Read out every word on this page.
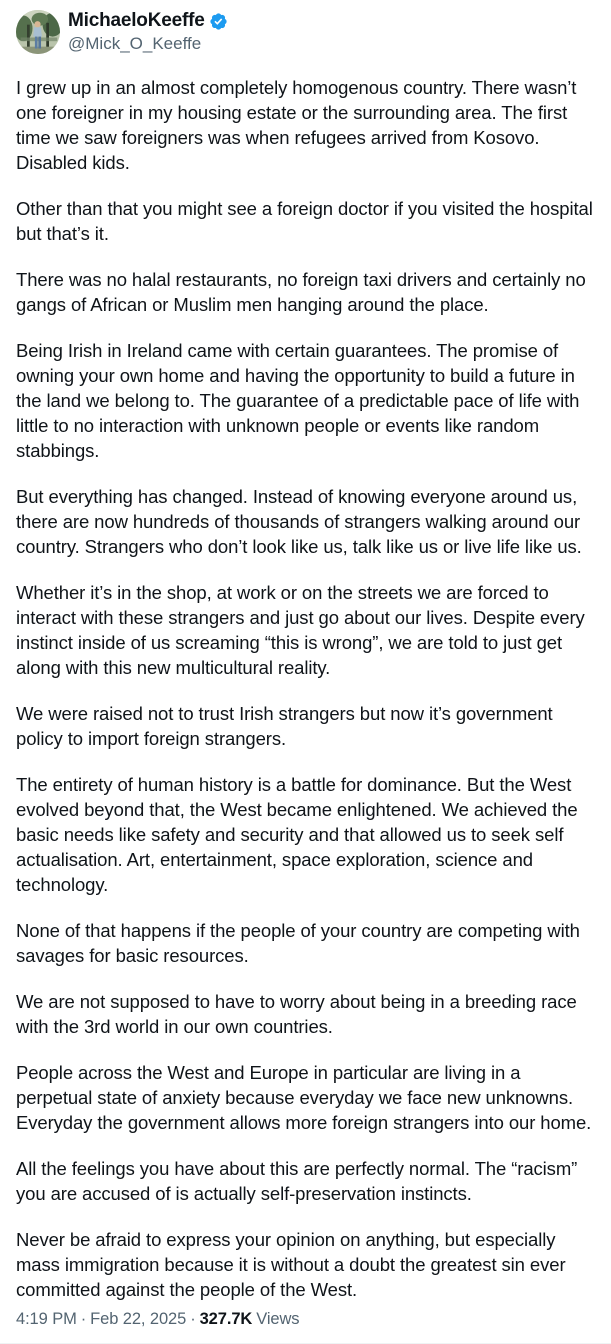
MichaeloKeeffe
@Mick_O_Keeffe

I grew up in an almost completely homogenous country. There wasn’t one foreigner in my housing estate or the surrounding area. The first time we saw foreigners was when refugees arrived from Kosovo. Disabled kids.

Other than that you might see a foreign doctor if you visited the hospital but that’s it.

There was no halal restaurants, no foreign taxi drivers and certainly no gangs of African or Muslim men hanging around the place.

Being Irish in Ireland came with certain guarantees. The promise of owning your own home and having the opportunity to build a future in the land we belong to. The guarantee of a predictable pace of life with little to no interaction with unknown people or events like random stabbings.

But everything has changed. Instead of knowing everyone around us, there are now hundreds of thousands of strangers walking around our country. Strangers who don’t look like us, talk like us or live life like us.

Whether it’s in the shop, at work or on the streets we are forced to interact with these strangers and just go about our lives. Despite every instinct inside of us screaming “this is wrong”, we are told to just get along with this new multicultural reality.

We were raised not to trust Irish strangers but now it’s government policy to import foreign strangers.

The entirety of human history is a battle for dominance. But the West evolved beyond that, the West became enlightened. We achieved the basic needs like safety and security and that allowed us to seek self actualisation. Art, entertainment, space exploration, science and technology.

None of that happens if the people of your country are competing with savages for basic resources.

We are not supposed to have to worry about being in a breeding race with the 3rd world in our own countries.

People across the West and Europe in particular are living in a perpetual state of anxiety because everyday we face new unknowns. Everyday the government allows more foreign strangers into our home.

All the feelings you have about this are perfectly normal. The “racism” you are accused of is actually self-preservation instincts.

Never be afraid to express your opinion on anything, but especially mass immigration because it is without a doubt the greatest sin ever committed against the people of the West.

4:19 PM · Feb 22, 2025 · 327.7K Views
